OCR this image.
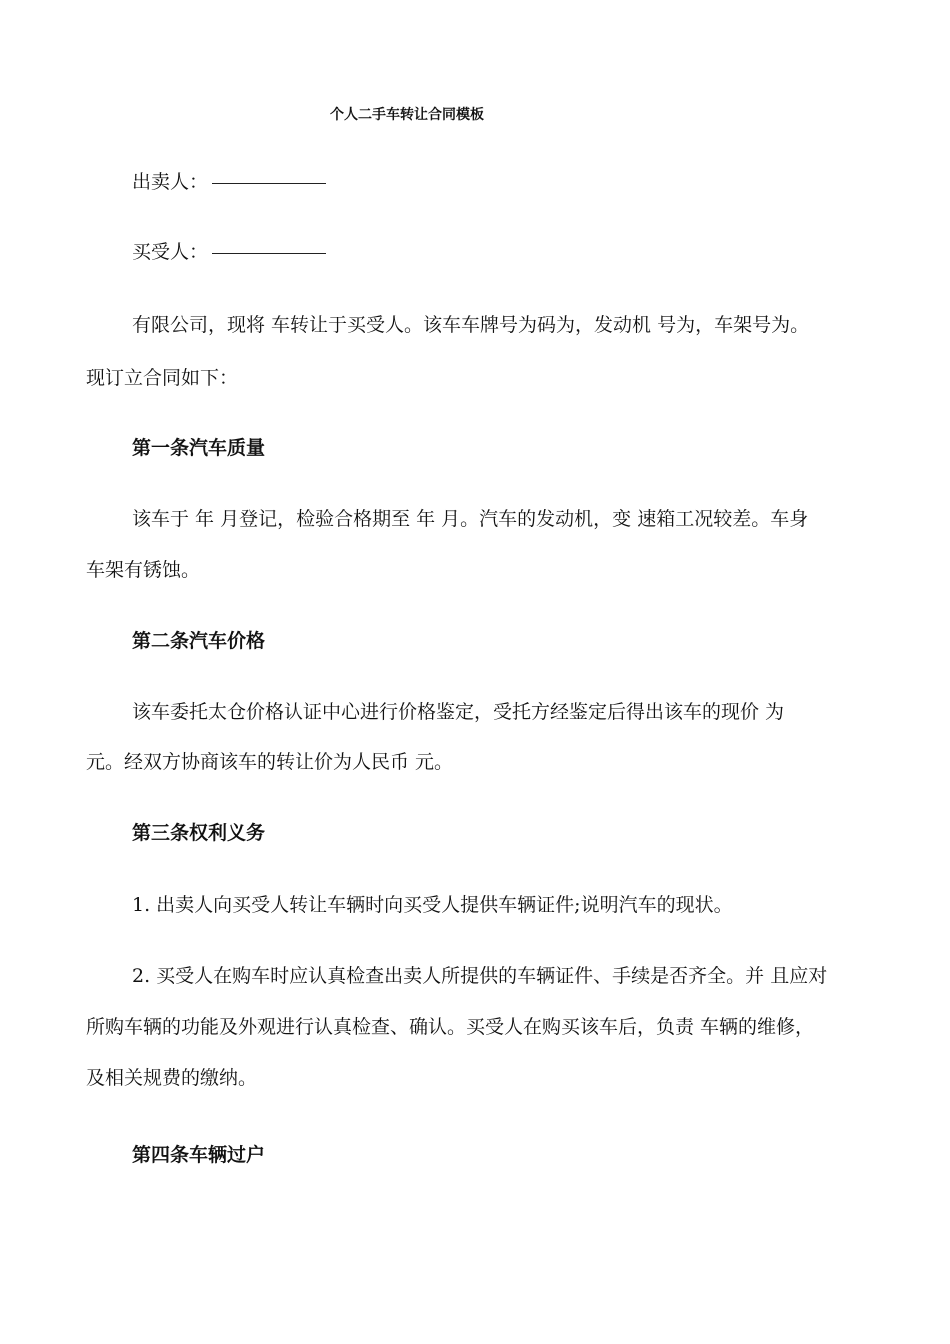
个人二手车转让合同模板
出卖人：
买受人：
有限公司，现将 车转让于买受人。该车车牌号为码为，发动机 号为，车架号为。
现订立合同如下：
第一条汽车质量
该车于 年 月登记，检验合格期至 年 月。汽车的发动机，变 速箱工况较差。车身
车架有锈蚀。
第二条汽车价格
该车委托太仓价格认证中心进行价格鉴定，受托方经鉴定后得出该车的现价 为
元。经双方协商该车的转让价为人民币 元。
第三条权利义务
1. 出卖人向买受人转让车辆时向买受人提供车辆证件;说明汽车的现状。
2. 买受人在购车时应认真检查出卖人所提供的车辆证件、手续是否齐全。并 且应对
所购车辆的功能及外观进行认真检查、确认。买受人在购买该车后，负责 车辆的维修，
及相关规费的缴纳。
第四条车辆过户
